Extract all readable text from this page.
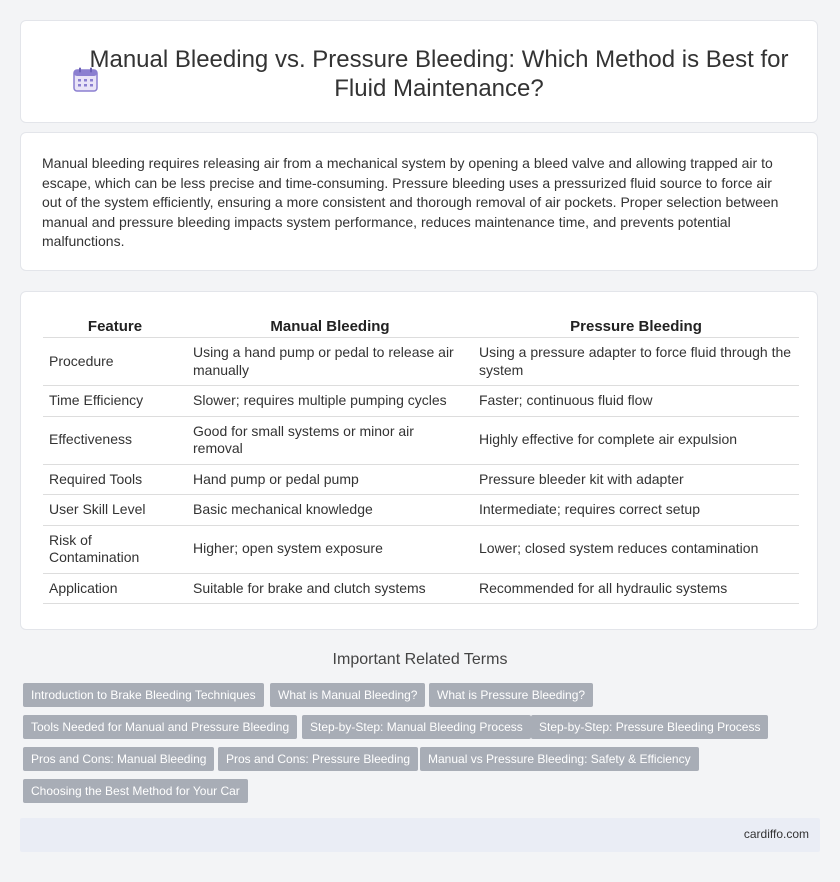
Manual Bleeding vs. Pressure Bleeding: Which Method is Best for Fluid Maintenance?

Manual bleeding requires releasing air from a mechanical system by opening a bleed valve and allowing trapped air to escape, which can be less precise and time-consuming. Pressure bleeding uses a pressurized fluid source to force air out of the system efficiently, ensuring a more consistent and thorough removal of air pockets. Proper selection between manual and pressure bleeding impacts system performance, reduces maintenance time, and prevents potential malfunctions.

Feature	Manual Bleeding	Pressure Bleeding
Procedure	Using a hand pump or pedal to release air manually	Using a pressure adapter to force fluid through the system
Time Efficiency	Slower; requires multiple pumping cycles	Faster; continuous fluid flow
Effectiveness	Good for small systems or minor air removal	Highly effective for complete air expulsion
Required Tools	Hand pump or pedal pump	Pressure bleeder kit with adapter
User Skill Level	Basic mechanical knowledge	Intermediate; requires correct setup
Risk of Contamination	Higher; open system exposure	Lower; closed system reduces contamination
Application	Suitable for brake and clutch systems	Recommended for all hydraulic systems
Important Related Terms
Introduction to Brake Bleeding Techniques	What is Manual Bleeding?	What is Pressure Bleeding?
Tools Needed for Manual and Pressure Bleeding	Step-by-Step: Manual Bleeding Process	Step-by-Step: Pressure Bleeding Process
Pros and Cons: Manual Bleeding	Pros and Cons: Pressure Bleeding	Manual vs Pressure Bleeding: Safety & Efficiency
Choosing the Best Method for Your Car
cardiffo.com
